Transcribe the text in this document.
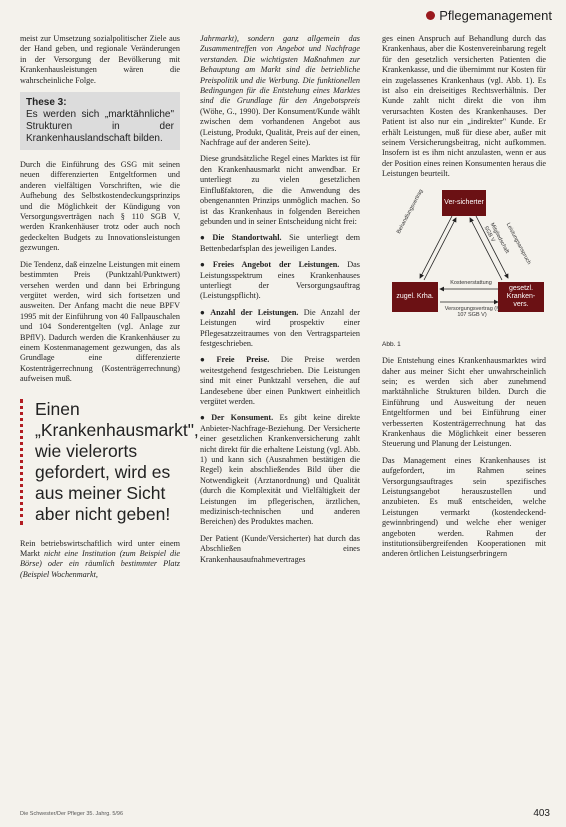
Pflegemanagement

meist zur Umsetzung sozialpolitischer Ziele aus der Hand geben, und regionale Veränderungen in der Versorgung der Bevölkerung mit Krankenhausleistungen wären die wahrscheinliche Folge.

These 3:
Es werden sich „marktähnliche" Strukturen in der Krankenhauslandschaft bilden.

Durch die Einführung des GSG mit seinen neuen differenzierten Entgeltformen und anderen vielfältigen Vorschriften, wie die Aufhebung des Selbstkostendeckungsprinzips und die Möglichkeit der Kündigung von Versorgungsverträgen nach § 110 SGB V, werden Krankenhäuser trotz oder auch noch gedeckelten Budgets zu Innovationsleistungen gezwungen.

Die Tendenz, daß einzelne Leistungen mit einem bestimmten Preis (Punktzahl/Punktwert) versehen werden und dann bei Erbringung vergütet werden, wird sich fortsetzen und ausweiten. Der Anfang macht die neue BPFV 1995 mit der Einführung von 40 Fallpauschalen und 104 Sonderentgelten (vgl. Anlage zur BPflV). Dadurch werden die Krankenhäuser zu einem Kostenmanagement gezwungen, das als Grundlage eine differenzierte Kostenträgerrechnung (Kostenträgerrechnung) aufweisen muß.

Einen „Krankenhausmarkt", wie vielerorts gefordert, wird es aus meiner Sicht aber nicht geben!

Rein betriebswirtschaftlich wird unter einem Markt nicht eine Institution (zum Beispiel die Börse) oder ein räumlich bestimmter Platz (Beispiel Wochenmarkt,

Jahrmarkt), sondern ganz allgemein das Zusammentreffen von Angebot und Nachfrage verstanden. Die wichtigsten Maßnahmen zur Behauptung am Markt sind die betriebliche Preispolitik und die Werbung. Die funktionellen Bedingungen für die Entstehung eines Marktes sind die Grundlage für den Angebotspreis (Wöhe, G., 1990). Der Konsument/Kunde wählt zwischen dem vorhandenen Angebot aus (Leistung, Produkt, Qualität, Preis auf der einen, Nachfrage auf der anderen Seite).

Diese grundsätzliche Regel eines Marktes ist für den Krankenhausmarkt nicht anwendbar. Er unterliegt zu vielen gesetzlichen Einflußfaktoren, die die Anwendung des obengenannten Prinzips unmöglich machen. So ist das Krankenhaus in folgenden Bereichen gebunden und in seiner Entscheidung nicht frei:

● Die Standortwahl. Sie unterliegt dem Bettenbedarfsplan des jeweiligen Landes.

● Freies Angebot der Leistungen. Das Leistungsspektrum eines Krankenhauses unterliegt der Versorgungsauftrag (Leistungspflicht).

● Anzahl der Leistungen. Die Anzahl der Leistungen wird prospektiv einer Pflegesatzzeitraumes von den Vertragsparteien festgeschrieben.

● Freie Preise. Die Preise werden weitestgehend festgeschrieben. Die Leistungen sind mit einer Punktzahl versehen, die auf Landesebene über einen Punktwert einheitlich vergütet werden.

● Der Konsument. Es gibt keine direkte Anbieter-Nachfrage-Beziehung. Der Versicherte einer gesetzlichen Krankenversicherung zahlt nicht direkt für die erhaltene Leistung (vgl. Abb. 1) und kann sich (Ausnahmen bestätigen die Regel) kein abschließendes Bild über die Notwendigkeit (Arztanordnung) und Qualität (durch die Komplexität und Vielfältigkeit der Leistungen im pflegerischen, ärztlichen, medizinisch-technischen und anderen Bereichen) des Produktes machen.

Der Patient (Kunde/Versicherter) hat durch das Abschließen eines Krankenhausaufnahmevertrages

ges einen Anspruch auf Behandlung durch das Krankenhaus, aber die Kostenvereinbarung regelt für den gesetzlich versicherten Patienten die Krankenkasse, und die übernimmt nur Kosten für ein zugelassenes Krankenhaus (vgl. Abb. 1). Es ist also ein dreiseitiges Rechtsverhältnis. Der Kunde zahlt nicht direkt die von ihm verursachten Kosten des Krankenhauses. Der Patient ist also nur ein „indirekter" Kunde. Er erhält Leistungen, muß für diese aber, außer mit seinem Versicherungsbeitrag, nicht aufkommen. Insofern ist es ihm nicht anzulasten, wenn er aus der Position eines reinen Konsumenten heraus die Leistungen beurteilt.

Ver-sicherter
zugel. Krha.
gesetzl. Kranken-vers.
Behandlungsvertrag
Mitgliedschaft SGB V	Leistungsanspruch
Kostenerstattung
Versorgungsvertrag (§ 107 SGB V)

Abb. 1

Die Entstehung eines Krankenhausmarktes wird daher aus meiner Sicht eher unwahrscheinlich sein; es werden sich aber zunehmend marktähnliche Strukturen bilden. Durch die Einführung und Ausweitung der neuen Entgeltformen und bei Einführung einer verbesserten Kostenträgerrechnung hat das Krankenhaus die Möglichkeit einer besseren Steuerung und Planung der Leistungen.

Das Management eines Krankenhauses ist aufgefordert, im Rahmen seines Versorgungsauftrages sein spezifisches Leistungsangebot herauszustellen und anzubieten. Es muß entscheiden, welche Leistungen vermarkt (kostendeckend-gewinnbringend) und welche eher weniger angeboten werden. Rahmen der institutionsübergreifenden Kooperationen mit anderen örtlichen Leistungserbringern

Die Schwester/Der Pfleger 35. Jahrg. 5/96	403
